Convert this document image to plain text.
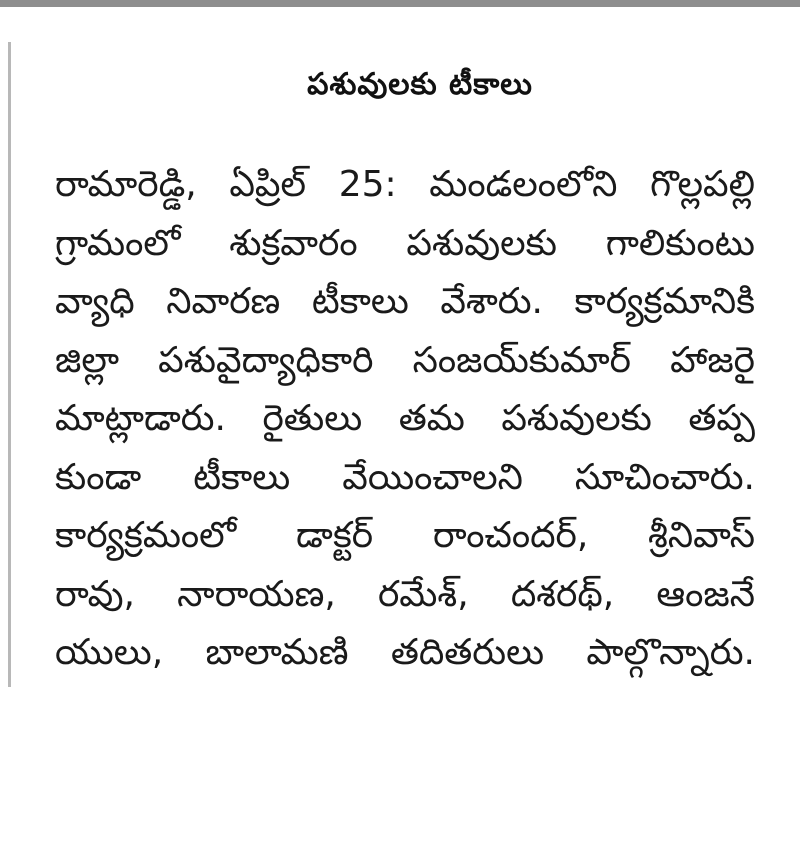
పశువులకు టీకాలు
రామారెడ్డి, ఏప్రిల్ 25: మండలంలోని గొల్లపల్లి
గ్రామంలో శుక్రవారం పశువులకు గాలికుంటు
వ్యాధి నివారణ టీకాలు వేశారు. కార్యక్రమానికి
జిల్లా పశువైద్యాధికారి సంజయ్‌కుమార్ హాజరై
మాట్లాడారు. రైతులు తమ పశువులకు తప్ప
కుండా టీకాలు వేయించాలని సూచించారు.
కార్యక్రమంలో డాక్టర్ రాంచందర్, శ్రీనివాస్
రావు, నారాయణ, రమేశ్, దశరథ్, ఆంజనే
యులు, బాలామణి తదితరులు పాల్గొన్నారు.
